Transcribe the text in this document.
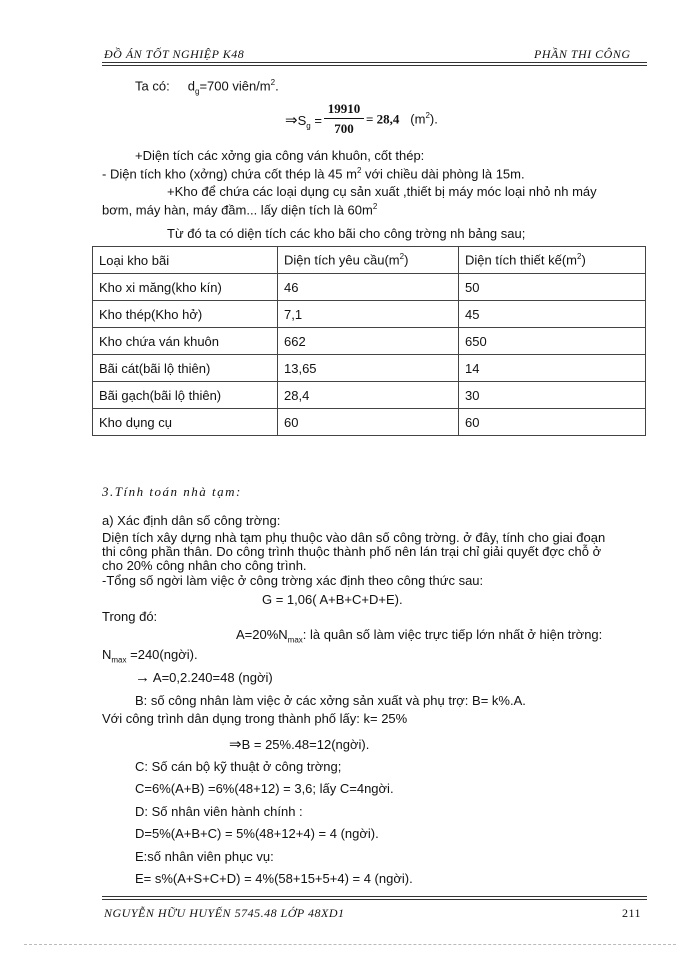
ĐỒ ÁN TỐT NGHIỆP K48	PHẦN THI CÔNG
Ta có: $d_g=700$ viên/$m^2$.
$\Rightarrow S_g$ =
19910
700
= 28,4 $(m^2)$.
+Diện tích các xởng gia công ván khuôn, cốt thép:
- Diện tích kho (xởng) chứa cốt thép là 45 $m^2$ với chiều dài phòng là 15m.
+Kho để chứa các loại dụng cụ sản xuất ,thiết bị máy móc loại nhỏ nh máy
bơm, máy hàn, máy đầm... lấy diện tích là $60m^2$
Từ đó ta có diện tích các kho bãi cho công trờng nh bảng sau;
Loại kho bãi	Diện tích yêu $cầu(m^2)$	Diện tích thiết $kế(m^2)$
Kho xi măng(kho kín)	46	50
Kho thép(Kho hở)	7,1	45
Kho chứa ván khuôn	662	650
Bãi cát(bãi lộ thiên)	13,65	14
Bãi gạch(bãi lộ thiên)	28,4	30
Kho dụng cụ	60	60
3.Tính toán nhà tạm:
a) Xác định dân số công trờng:
Diện tích xây dựng nhà tạm phụ thuộc vào dân số công trờng. ở đây, tính cho giai đoạn
thi công phần thân. Do công trình thuộc thành phố nên lán trại chỉ giải quyết đợc chỗ ở
cho 20% công nhân cho công trình.
-Tổng số ngời làm việc ở công trờng xác định theo công thức sau:
G = 1,06( A+B+C+D+E).
Trong đó:
$A=20\%N_{max}$: là quân số làm việc trực tiếp lớn nhất ở hiện trờng:
$N_{max}$ =240(ngời).
→ A=0,2.240=48 (ngời)
B: số công nhân làm việc ở các xởng sản xuất và phụ trợ: B= k%.A.
Với công trình dân dụng trong thành phố lấy: k= 25%
⇒B = 25%.48=12(ngời).
C: Số cán bộ kỹ thuật ở công trờng;
C=6%(A+B) =6%(48+12) = 3,6; lấy C=4ngời.
D: Số nhân viên hành chính :
D=5%(A+B+C) = 5%(48+12+4) = 4 (ngời).
E:số nhân viên phục vụ:
E= s%(A+S+C+D) = 4%(58+15+5+4) = 4 (ngời).
NGUYỄN HỮU HUYẾN 5745.48 LỚP 48XD1	211
